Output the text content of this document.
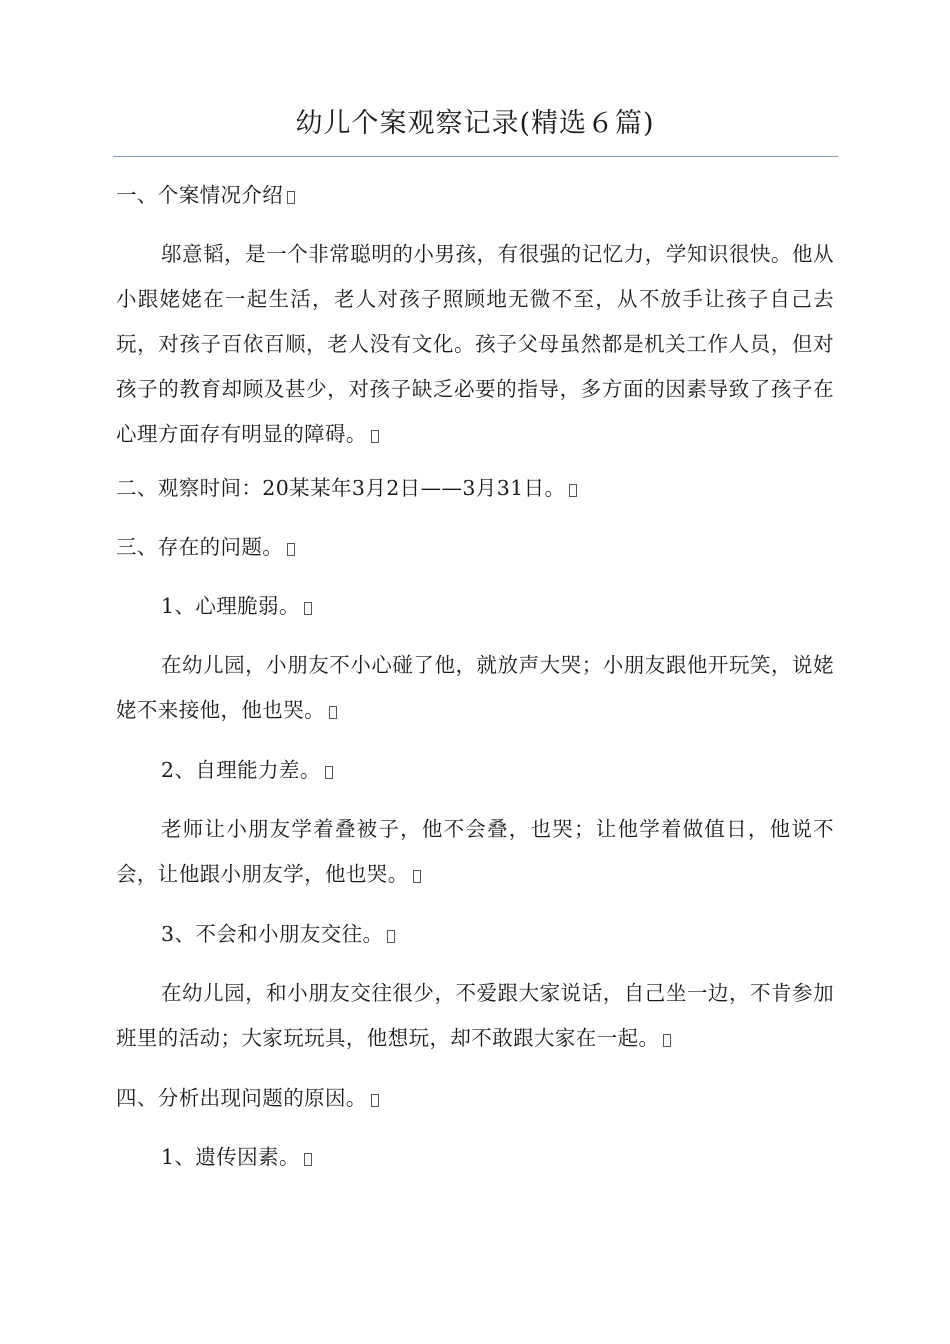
幼儿个案观察记录(精选６篇)
一、个案情况介绍
邬意韬，是一个非常聪明的小男孩，有很强的记忆力，学知识很快。他从小跟姥姥在一起生活，老人对孩子照顾地无微不至，从不放手让孩子自己去玩，对孩子百依百顺，老人没有文化。孩子父母虽然都是机关工作人员，但对孩子的教育却顾及甚少，对孩子缺乏必要的指导，多方面的因素导致了孩子在心理方面存有明显的障碍。
二、观察时间：20某某年3月2日——3月31日。
三、存在的问题。
1、心理脆弱。
在幼儿园，小朋友不小心碰了他，就放声大哭；小朋友跟他开玩笑，说姥姥不来接他，他也哭。
2、自理能力差。
老师让小朋友学着叠被子，他不会叠，也哭；让他学着做值日，他说不会，让他跟小朋友学，他也哭。
3、不会和小朋友交往。
在幼儿园，和小朋友交往很少，不爱跟大家说话，自己坐一边，不肯参加班里的活动；大家玩玩具，他想玩，却不敢跟大家在一起。
四、分析出现问题的原因。
1、遗传因素。
